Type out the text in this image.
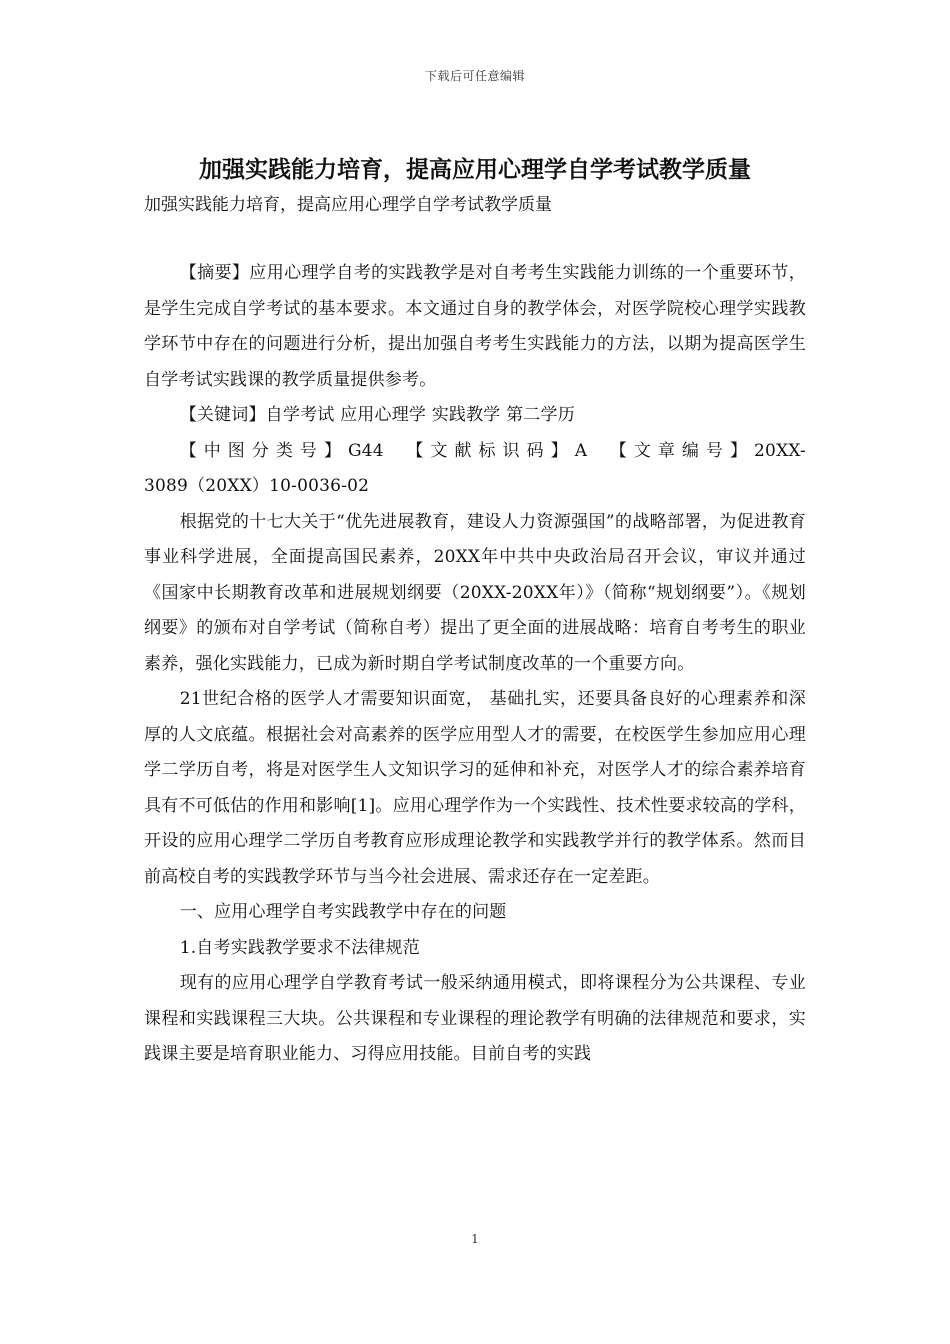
下载后可任意编辑
加强实践能力培育，提高应用心理学自学考试教学质量
加强实践能力培育，提高应用心理学自学考试教学质量

【摘要】应用心理学自考的实践教学是对自考考生实践能力训练的一个重要环节，是学生完成自学考试的基本要求。本文通过自身的教学体会，对医学院校心理学实践教学环节中存在的问题进行分析，提出加强自考考生实践能力的方法，以期为提高医学生自学考试实践课的教学质量提供参考。

【关键词】自学考试 应用心理学 实践教学 第二学历

【中图分类号】G44 【文献标识码】A 【文章编号】20XX-3089（20XX）10-0036-02

根据党的十七大关于“优先进展教育，建设人力资源强国”的战略部署，为促进教育事业科学进展，全面提高国民素养，20XX年中共中央政治局召开会议，审议并通过《国家中长期教育改革和进展规划纲要（20XX-20XX年）》（简称“规划纲要”）。《规划纲要》的颁布对自学考试（简称自考）提出了更全面的进展战略：培育自考考生的职业素养，强化实践能力，已成为新时期自学考试制度改革的一个重要方向。

21世纪合格的医学人才需要知识面宽， 基础扎实，还要具备良好的心理素养和深厚的人文底蕴。根据社会对高素养的医学应用型人才的需要，在校医学生参加应用心理学二学历自考，将是对医学生人文知识学习的延伸和补充，对医学人才的综合素养培育具有不可低估的作用和影响[1]。应用心理学作为一个实践性、技术性要求较高的学科，开设的应用心理学二学历自考教育应形成理论教学和实践教学并行的教学体系。然而目前高校自考的实践教学环节与当今社会进展、需求还存在一定差距。

一、应用心理学自考实践教学中存在的问题

1.自考实践教学要求不法律规范

现有的应用心理学自学教育考试一般采纳通用模式，即将课程分为公共课程、专业课程和实践课程三大块。公共课程和专业课程的理论教学有明确的法律规范和要求，实践课主要是培育职业能力、习得应用技能。目前自考的实践

1
